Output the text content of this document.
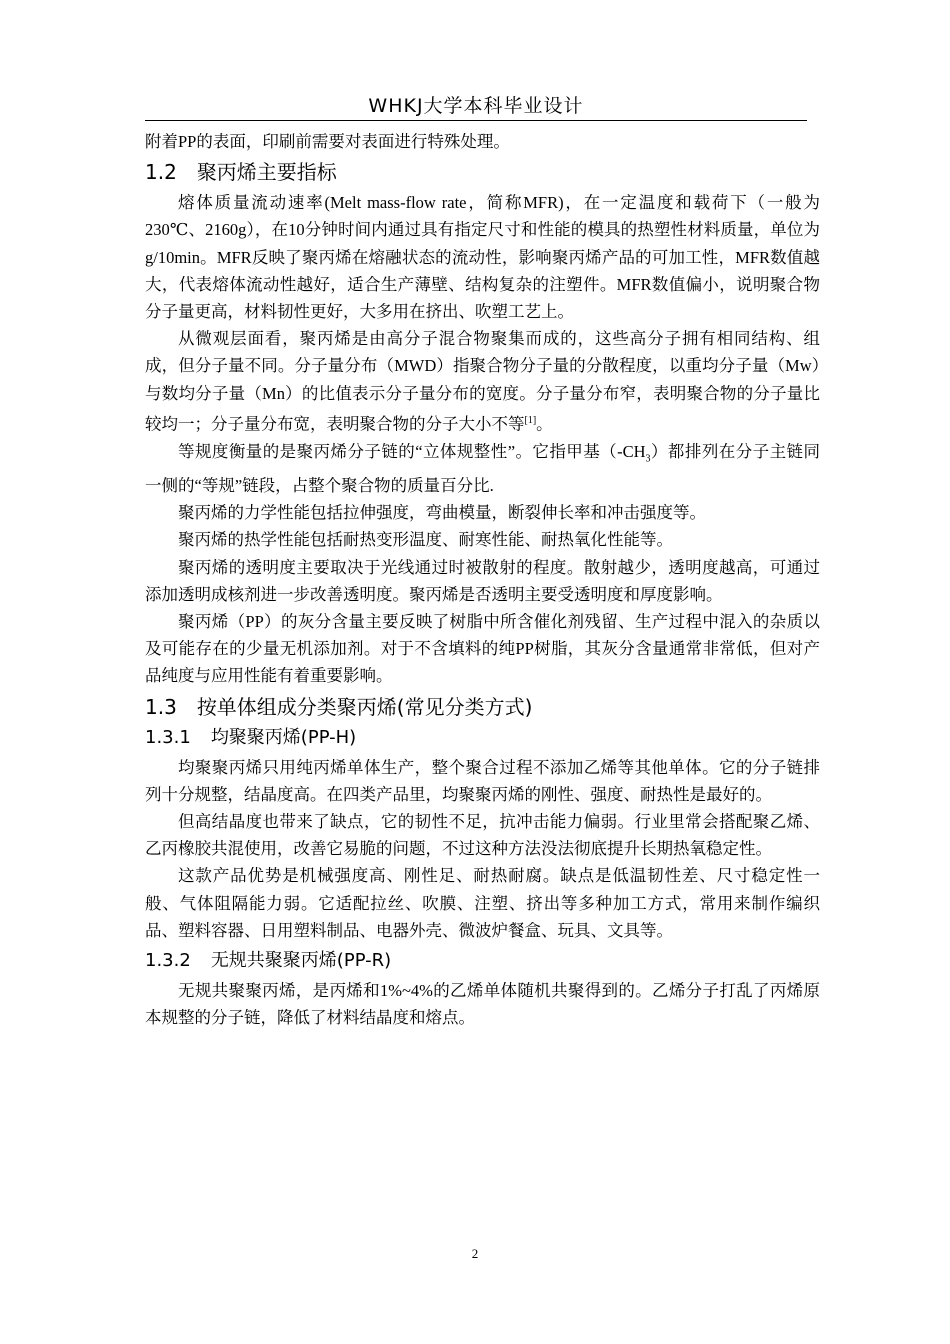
WHKJ大学本科毕业设计

附着PP的表面，印刷前需要对表面进行特殊处理。

1.2 聚丙烯主要指标

熔体质量流动速率(Melt mass-flow rate，简称MFR)，在一定温度和载荷下（一般为230℃、2160g），在10分钟时间内通过具有指定尺寸和性能的模具的热塑性材料质量，单位为g/10min。MFR反映了聚丙烯在熔融状态的流动性，影响聚丙烯产品的可加工性，MFR数值越大，代表熔体流动性越好，适合生产薄壁、结构复杂的注塑件。MFR数值偏小，说明聚合物分子量更高，材料韧性更好，大多用在挤出、吹塑工艺上。

从微观层面看，聚丙烯是由高分子混合物聚集而成的，这些高分子拥有相同结构、组成，但分子量不同。分子量分布（MWD）指聚合物分子量的分散程度，以重均分子量（Mw）与数均分子量（Mn）的比值表示分子量分布的宽度。分子量分布窄，表明聚合物的分子量比较均一；分子量分布宽，表明聚合物的分子大小不等[1]。

等规度衡量的是聚丙烯分子链的“立体规整性”。它指甲基$(-CH_3)$都排列在分子主链同一侧的“等规”链段，占整个聚合物的质量百分比.

聚丙烯的力学性能包括拉伸强度，弯曲模量，断裂伸长率和冲击强度等。

聚丙烯的热学性能包括耐热变形温度、耐寒性能、耐热氧化性能等。

聚丙烯的透明度主要取决于光线通过时被散射的程度。散射越少，透明度越高，可通过添加透明成核剂进一步改善透明度。聚丙烯是否透明主要受透明度和厚度影响。

聚丙烯（PP）的灰分含量主要反映了树脂中所含催化剂残留、生产过程中混入的杂质以及可能存在的少量无机添加剂。对于不含填料的纯PP树脂，其灰分含量通常非常低，但对产品纯度与应用性能有着重要影响。

1.3 按单体组成分类聚丙烯(常见分类方式)
1.3.1 均聚聚丙烯(PP-H)

均聚聚丙烯只用纯丙烯单体生产，整个聚合过程不添加乙烯等其他单体。它的分子链排列十分规整，结晶度高。在四类产品里，均聚聚丙烯的刚性、强度、耐热性是最好的。

但高结晶度也带来了缺点，它的韧性不足，抗冲击能力偏弱。行业里常会搭配聚乙烯、乙丙橡胶共混使用，改善它易脆的问题，不过这种方法没法彻底提升长期热氧稳定性。

这款产品优势是机械强度高、刚性足、耐热耐腐。缺点是低温韧性差、尺寸稳定性一般、气体阻隔能力弱。它适配拉丝、吹膜、注塑、挤出等多种加工方式，常用来制作编织品、塑料容器、日用塑料制品、电器外壳、微波炉餐盒、玩具、文具等。

1.3.2 无规共聚聚丙烯(PP-R)

无规共聚聚丙烯，是丙烯和1%~4%的乙烯单体随机共聚得到的。乙烯分子打乱了丙烯原本规整的分子链，降低了材料结晶度和熔点。

2
